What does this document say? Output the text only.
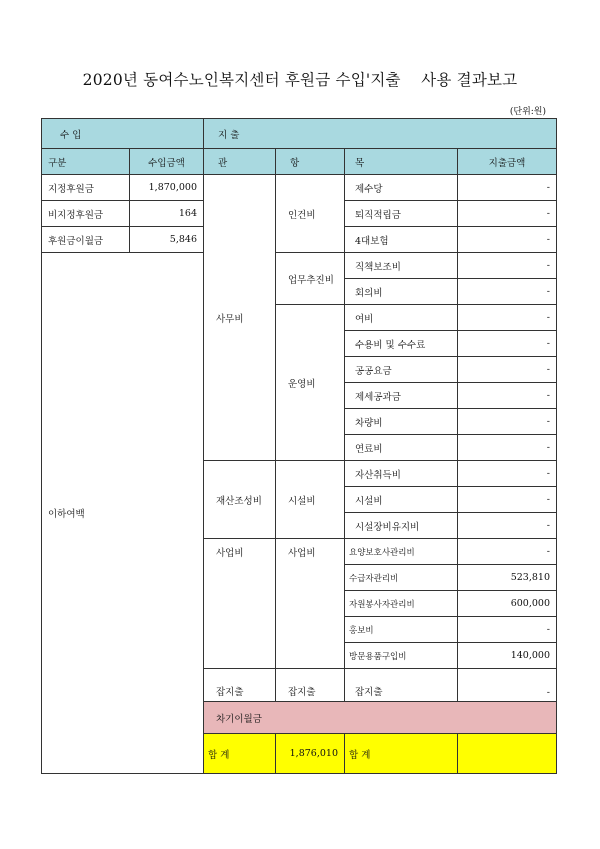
2020년 동여수노인복지센터 후원금 수입'지출    사용 결과보고
(단위:원)
수 입		지 출				
구분	수입금액	관	항	목	지출금액	
지정후원금	1,870,000	사무비	인건비	제수당	-	
비지정후원금	164			퇴직적립금	-	
후원금이월금	5,846			4대보험	-	
이하여백			업무추진비	직책보조비	-	
				회의비	-	
			운영비	여비	-	
				수용비 및 수수료	-	
				공공요금	-	
				제세공과금	-	
				차량비	-	
				연료비	-	
		재산조성비	시설비	자산취득비	-	
				시설비	-	
				시설장비유지비	-	
		사업비	사업비	요양보호사관리비	-	
				수급자관리비	523,810	
				자원봉사자관리비	600,000	
				홍보비	-	
				방문용품구입비	140,000	
		잡지출	잡지출	잡지출	-	
		차기이월금	
		합 계	1,876,010	합 계			
